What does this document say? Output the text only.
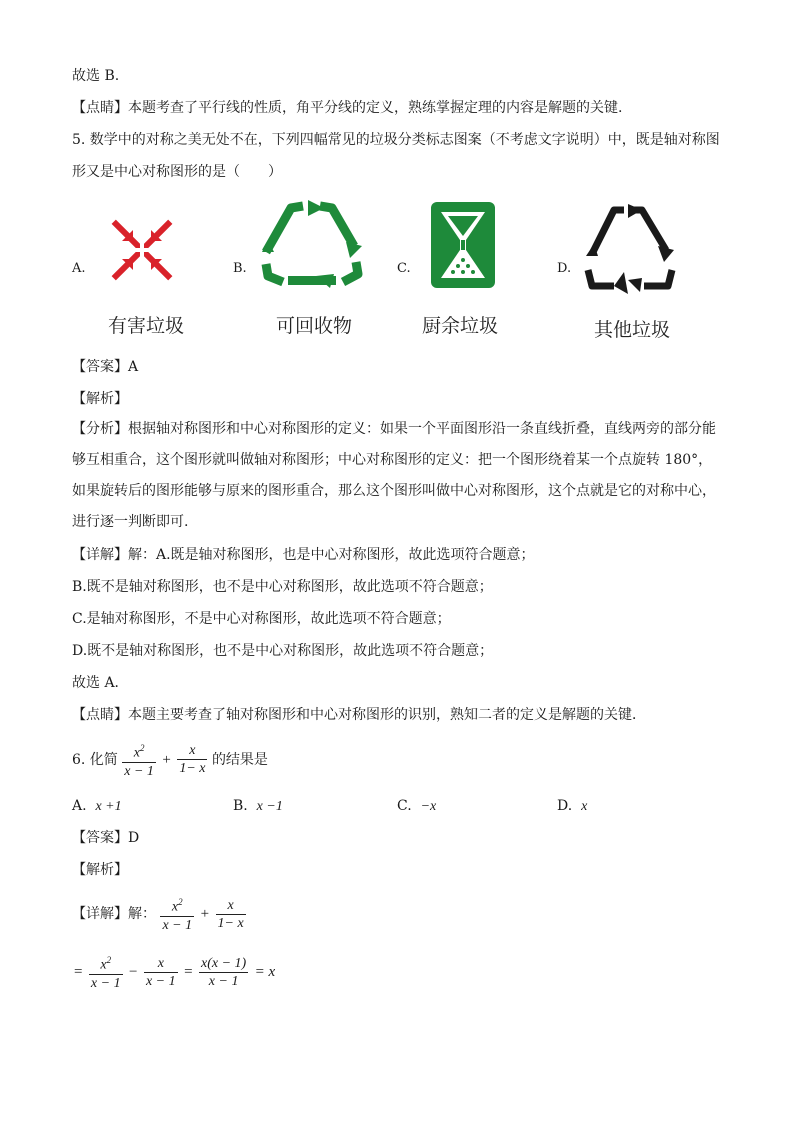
故选 B.
【点睛】本题考查了平行线的性质，角平分线的定义，熟练掌握定理的内容是解题的关键.
5. 数学中的对称之美无处不在，下列四幅常见的垃圾分类标志图案（不考虑文字说明）中，既是轴对称图
形又是中心对称图形的是（　　）
A.
有害垃圾
B.
可回收物
C.
厨余垃圾
D.
其他垃圾
【答案】A
【解析】
【分析】根据轴对称图形和中心对称图形的定义：如果一个平面图形沿一条直线折叠，直线两旁的部分能够互相重合，这个图形就叫做轴对称图形；中心对称图形的定义：把一个图形绕着某一个点旋转 180°，如果旋转后的图形能够与原来的图形重合，那么这个图形叫做中心对称图形，这个点就是它的对称中心，进行逐一判断即可.
【详解】解：A.既是轴对称图形，也是中心对称图形，故此选项符合题意；
B.既不是轴对称图形，也不是中心对称图形，故此选项不符合题意；
C.是轴对称图形，不是中心对称图形，故此选项不符合题意；
D.既不是轴对称图形，也不是中心对称图形，故此选项不符合题意；
故选 A．
【点睛】本题主要考查了轴对称图形和中心对称图形的识别，熟知二者的定义是解题的关键．
6. 化简 $\frac{x^2}{x - 1} + \frac{x}{1- x}$ 的结果是
A. x +1	B. x −1	C. −x	D. x
【答案】D
【解析】
【详解】解： $\frac{x^2}{x - 1} + \frac{x}{1- x}$
= $\frac{x^2}{x - 1} - \frac{x}{x - 1} = \frac{x(x - 1)}{x - 1} = x$
